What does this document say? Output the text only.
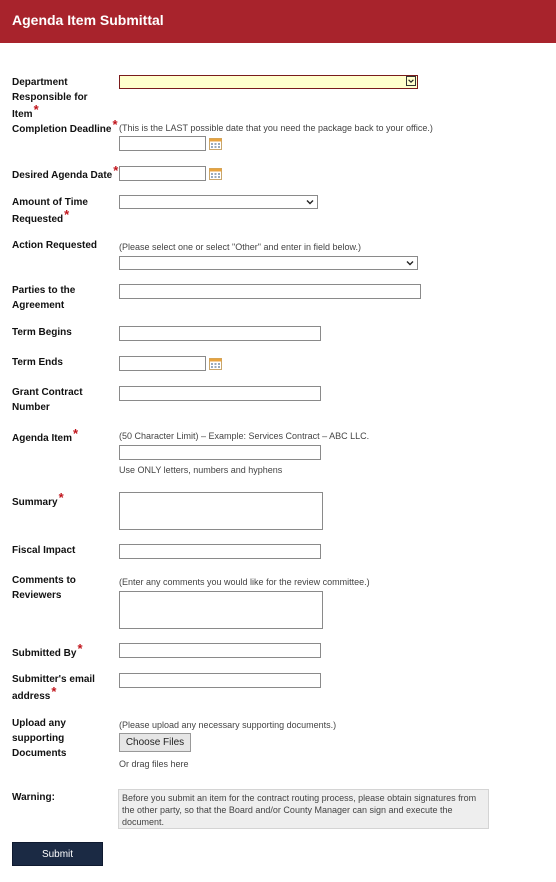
Agenda Item Submittal
Department
Responsible for Item*
Completion Deadline* (This is the LAST possible date that you need the package back to your office.)
Desired Agenda Date*
Amount of Time
Requested*
Action Requested	(Please select one or select "Other" and enter in field below.)
Parties to the
Agreement
Term Begins
Term Ends
Grant Contract
Number
Agenda Item*	(50 Character Limit) – Example: Services Contract – ABC LLC.
Use ONLY letters, numbers and hyphens
Summary*
Fiscal Impact
Comments to
Reviewers
(Enter any comments you would like for the review committee.)
Submitted By*
Submitter's email
address*
Upload any
supporting
Documents
(Please upload any necessary supporting documents.)
Choose Files
Or drag files here
Warning:	Before you submit an item for the contract routing process, please obtain signatures from the other party, so that the Board and/or County Manager can sign and execute the document.
Submit
